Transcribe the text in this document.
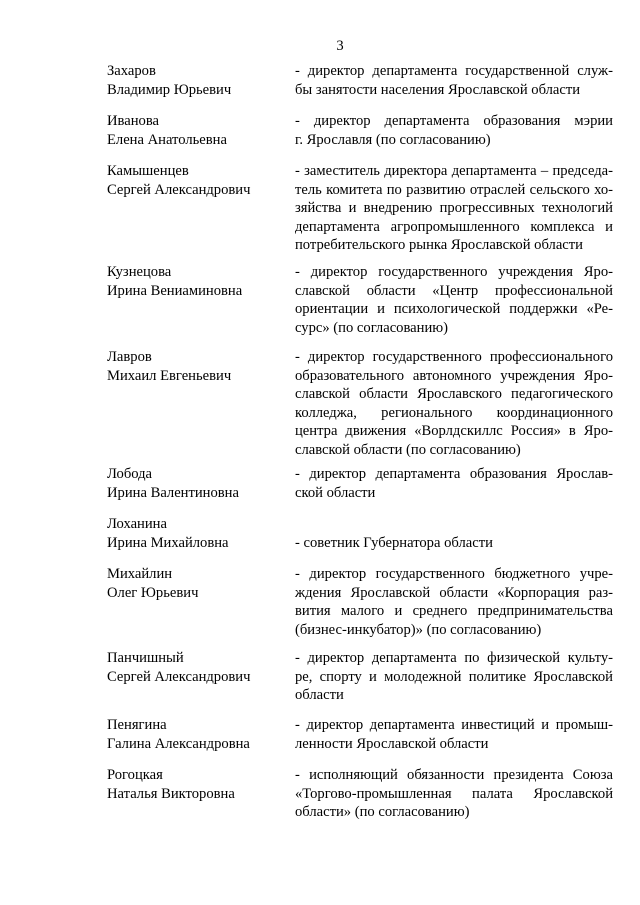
3
Захаров
Владимир Юрьевич
- директор департамента государственной служ-
бы занятости населения Ярославской области
Иванова
Елена Анатольевна
- директор департамента образования мэрии
г. Ярославля (по согласованию)
Камышенцев
Сергей Александрович
- заместитель директора департамента – председа-
тель комитета по развитию отраслей сельского хо-
зяйства и внедрению прогрессивных технологий
департамента агропромышленного комплекса и
потребительского рынка Ярославской области
Кузнецова
Ирина Вениаминовна
- директор государственного учреждения Яро-
славской области «Центр профессиональной
ориентации и психологической поддержки «Ре-
сурс» (по согласованию)
Лавров
Михаил Евгеньевич
- директор государственного профессионального
образовательного автономного учреждения Яро-
славской области Ярославского педагогического
колледжа, регионального координационного
центра движения «Ворлдскиллс Россия» в Яро-
славской области (по согласованию)
Лобода
Ирина Валентиновна
- директор департамента образования Ярослав-
ской области
Лоханина
Ирина Михайловна	- советник Губернатора области
Михайлин
Олег Юрьевич
- директор государственного бюджетного учре-
ждения Ярославской области «Корпорация раз-
вития малого и среднего предпринимательства
(бизнес-инкубатор)» (по согласованию)
Панчишный
Сергей Александрович
- директор департамента по физической культу-
ре, спорту и молодежной политике Ярославской
области
Пенягина
Галина Александровна
- директор департамента инвестиций и промыш-
ленности Ярославской области
Рогоцкая
Наталья Викторовна
- исполняющий обязанности президента Союза
«Торгово-промышленная палата Ярославской
области» (по согласованию)
